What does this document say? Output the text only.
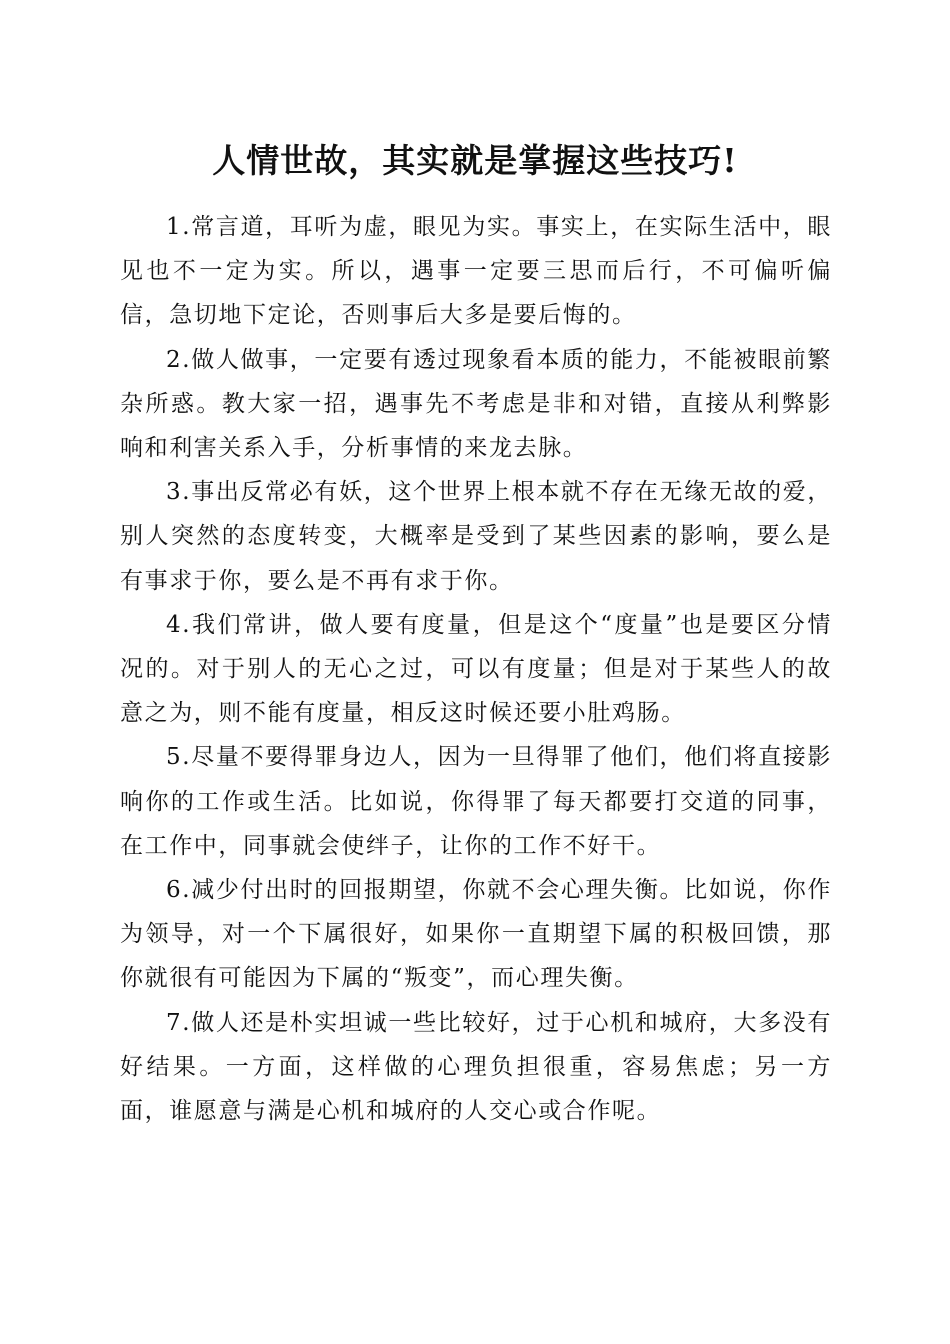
人情世故，其实就是掌握这些技巧!

1.常言道，耳听为虚，眼见为实。事实上，在实际生活中，眼见也不一定为实。所以，遇事一定要三思而后行，不可偏听偏信，急切地下定论，否则事后大多是要后悔的。

2.做人做事，一定要有透过现象看本质的能力，不能被眼前繁杂所惑。教大家一招，遇事先不考虑是非和对错，直接从利弊影响和利害关系入手，分析事情的来龙去脉。

3.事出反常必有妖，这个世界上根本就不存在无缘无故的爱，别人突然的态度转变，大概率是受到了某些因素的影响，要么是有事求于你，要么是不再有求于你。

4.我们常讲，做人要有度量，但是这个“度量”也是要区分情况的。对于别人的无心之过，可以有度量；但是对于某些人的故意之为，则不能有度量，相反这时候还要小肚鸡肠。

5.尽量不要得罪身边人，因为一旦得罪了他们，他们将直接影响你的工作或生活。比如说，你得罪了每天都要打交道的同事，在工作中，同事就会使绊子，让你的工作不好干。

6.减少付出时的回报期望，你就不会心理失衡。比如说，你作为领导，对一个下属很好，如果你一直期望下属的积极回馈，那你就很有可能因为下属的“叛变”，而心理失衡。

7.做人还是朴实坦诚一些比较好，过于心机和城府，大多没有好结果。一方面，这样做的心理负担很重，容易焦虑；另一方面，谁愿意与满是心机和城府的人交心或合作呢。
